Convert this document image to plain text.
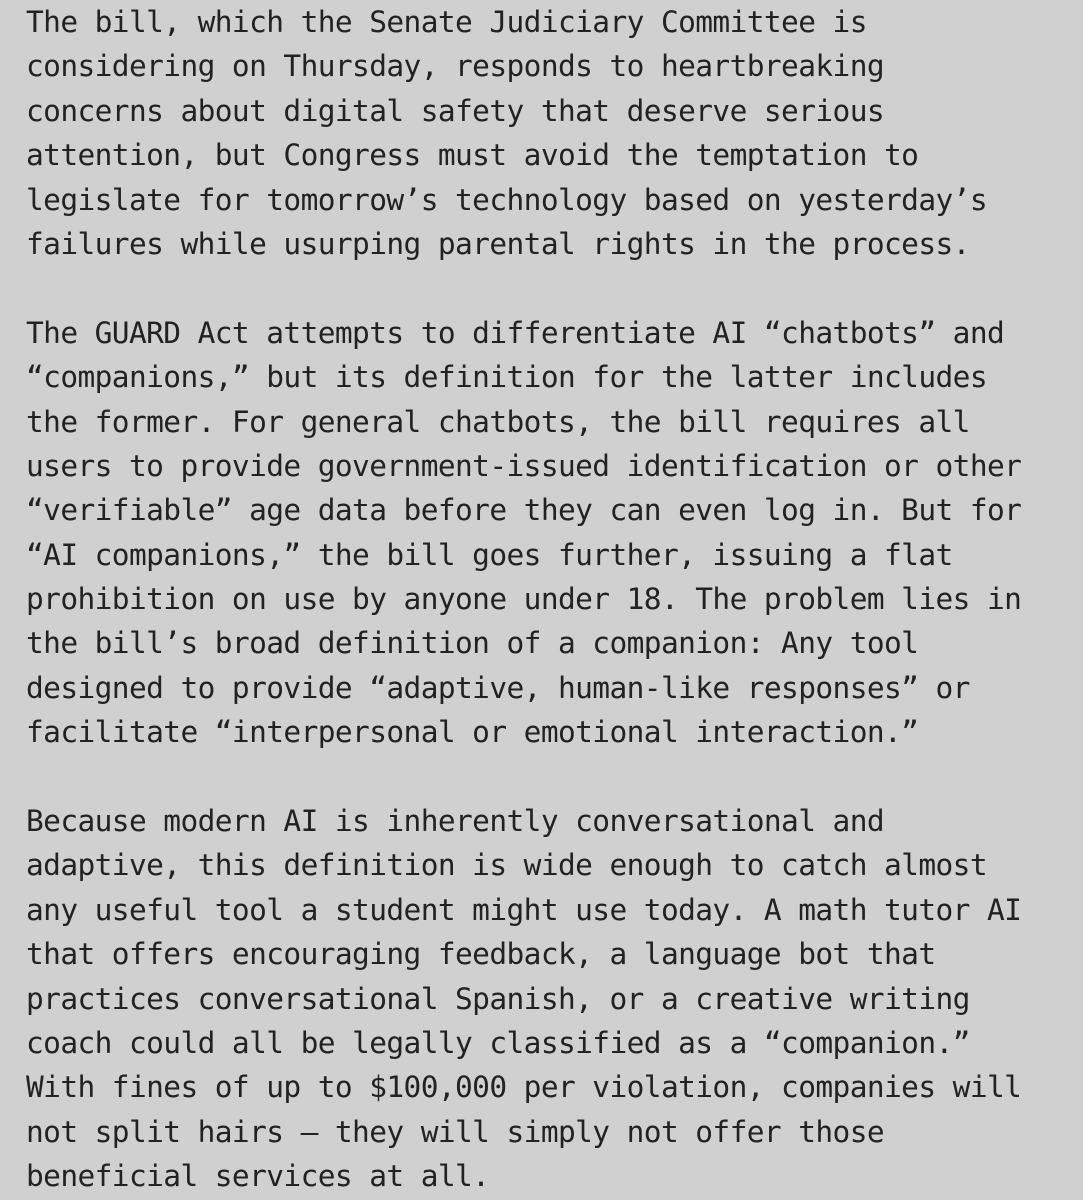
The bill, which the Senate Judiciary Committee is
considering on Thursday, responds to heartbreaking
concerns about digital safety that deserve serious
attention, but Congress must avoid the temptation to
legislate for tomorrow’s technology based on yesterday’s
failures while usurping parental rights in the process.
The GUARD Act attempts to differentiate AI “chatbots” and
“companions,” but its definition for the latter includes
the former. For general chatbots, the bill requires all
users to provide government-issued identification or other
“verifiable” age data before they can even log in. But for
“AI companions,” the bill goes further, issuing a flat
prohibition on use by anyone under 18. The problem lies in
the bill’s broad definition of a companion: Any tool
designed to provide “adaptive, human-like responses” or
facilitate “interpersonal or emotional interaction.”
Because modern AI is inherently conversational and
adaptive, this definition is wide enough to catch almost
any useful tool a student might use today. A math tutor AI
that offers encouraging feedback, a language bot that
practices conversational Spanish, or a creative writing
coach could all be legally classified as a “companion.”
With fines of up to $100,000 per violation, companies will
not split hairs — they will simply not offer those
beneficial services at all.
